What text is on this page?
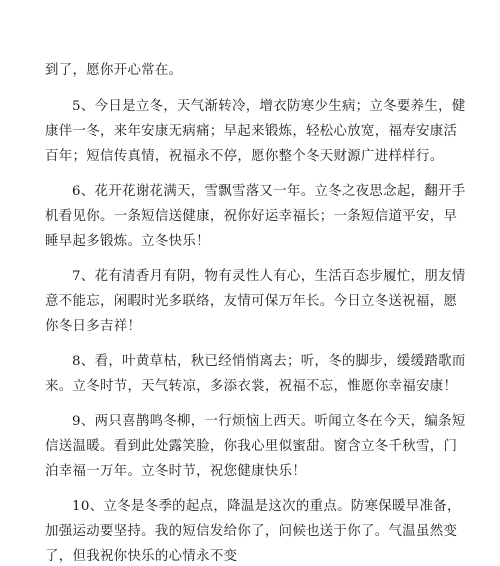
到了，愿你开心常在。
5、今日是立冬，天气渐转冷，增衣防寒少生病；立冬要养生，健
康伴一冬，来年安康无病痛；早起来锻炼，轻松心放宽，福寿安康活
百年；短信传真情，祝福永不停，愿你整个冬天财源广进样样行。
6、花开花谢花满天，雪飘雪落又一年。立冬之夜思念起，翻开手
机看见你。一条短信送健康，祝你好运幸福长；一条短信道平安，早
睡早起多锻炼。立冬快乐！
7、花有清香月有阴，物有灵性人有心，生活百态步履忙，朋友情
意不能忘，闲暇时光多联络，友情可保万年长。今日立冬送祝福，愿
你冬日多吉祥！
8、看，叶黄草枯，秋已经悄悄离去；听，冬的脚步，缓缓踏歌而
来。立冬时节，天气转凉，多添衣裳，祝福不忘，惟愿你幸福安康！
9、两只喜鹊鸣冬柳，一行烦恼上西天。听闻立冬在今天，编条短
信送温暖。看到此处露笑脸，你我心里似蜜甜。窗含立冬千秋雪，门
泊幸福一万年。立冬时节，祝您健康快乐！
10、立冬是冬季的起点，降温是这次的重点。防寒保暖早准备，
加强运动要坚持。我的短信发给你了，问候也送于你了。气温虽然变
了，但我祝你快乐的心情永不变
